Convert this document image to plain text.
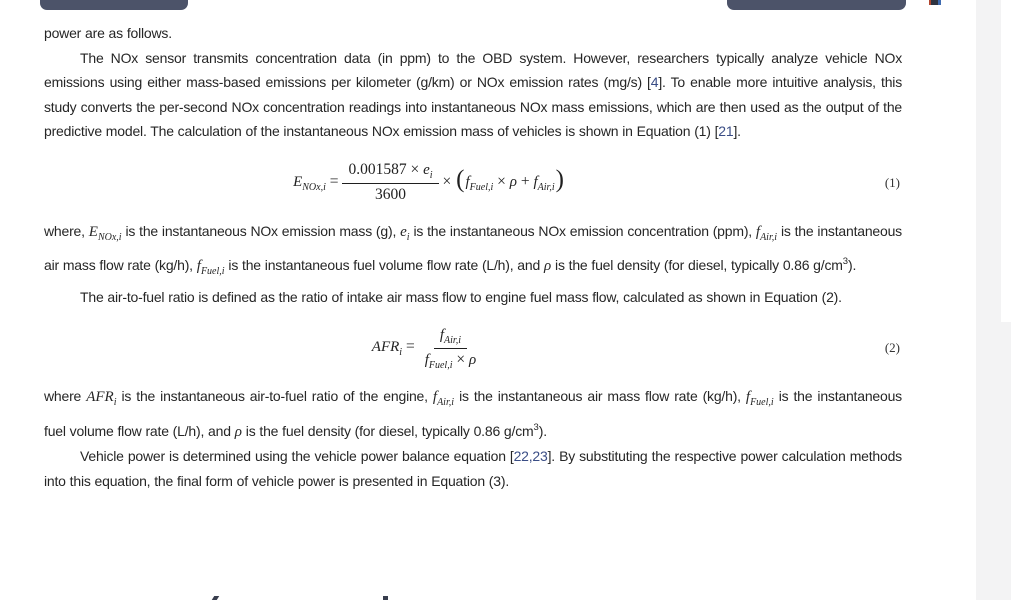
power are as follows.

The NOx sensor transmits concentration data (in ppm) to the OBD system. However, researchers typically analyze vehicle NOx emissions using either mass-based emissions per kilometer (g/km) or NOx emission rates (mg/s) [4]. To enable more intuitive analysis, this study converts the per-second NOx concentration readings into instantaneous NOx mass emissions, which are then used as the output of the predictive model. The calculation of the instantaneous NOx emission mass of vehicles is shown in Equation (1) [21].

$E_{NOx,i} = \frac{0.001587 \times e_i}{3600} \times (f_{Fuel,i} \times \rho + f_{Air,i})$	(1)

where, $E_{NOx,i}$ is the instantaneous NOx emission mass (g), $e_i$ is the instantaneous NOx emission concentration (ppm), $f_{Air,i}$ is the instantaneous air mass flow rate (kg/h), $f_{Fuel,i}$ is the instantaneous fuel volume flow rate (L/h), and ρ is the fuel density (for diesel, typically 0.86 $g/cm^3$).

The air-to-fuel ratio is defined as the ratio of intake air mass flow to engine fuel mass flow, calculated as shown in Equation (2).

$AFR_i = \frac{f_{Air,i}}{f_{Fuel,i} \times \rho}$	(2)

where $AFR_i$ is the instantaneous air-to-fuel ratio of the engine, $f_{Air,i}$ is the instantaneous air mass flow rate (kg/h), $f_{Fuel,i}$ is the instantaneous fuel volume flow rate (L/h), and ρ is the fuel density (for diesel, typically 0.86 $g/cm^3$).

Vehicle power is determined using the vehicle power balance equation [22,23]. By substituting the respective power calculation methods into this equation, the final form of vehicle power is presented in Equation (3).
